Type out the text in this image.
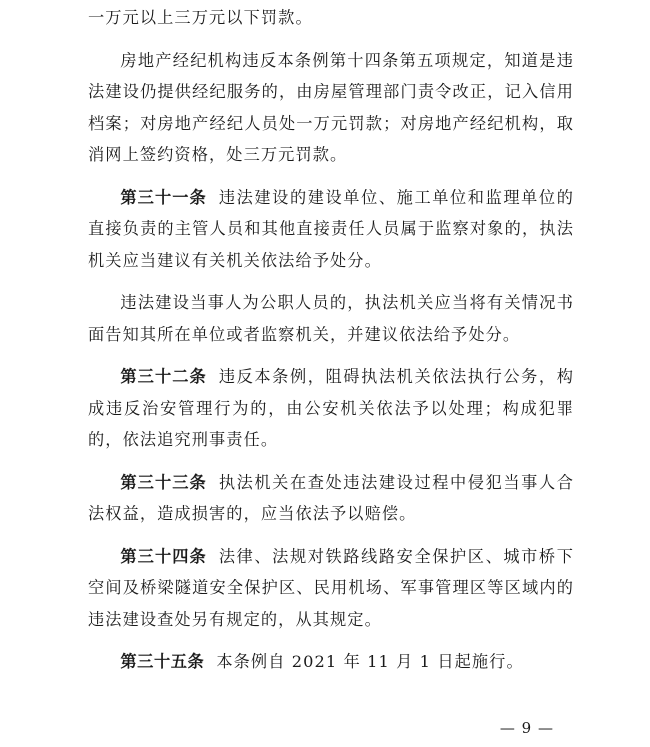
一万元以上三万元以下罚款。

房地产经纪机构违反本条例第十四条第五项规定，知道是违法建设仍提供经纪服务的，由房屋管理部门责令改正，记入信用档案；对房地产经纪人员处一万元罚款；对房地产经纪机构，取消网上签约资格，处三万元罚款。

第三十一条 违法建设的建设单位、施工单位和监理单位的直接负责的主管人员和其他直接责任人员属于监察对象的，执法机关应当建议有关机关依法给予处分。

违法建设当事人为公职人员的，执法机关应当将有关情况书面告知其所在单位或者监察机关，并建议依法给予处分。

第三十二条 违反本条例，阻碍执法机关依法执行公务，构成违反治安管理行为的，由公安机关依法予以处理；构成犯罪的，依法追究刑事责任。

第三十三条 执法机关在查处违法建设过程中侵犯当事人合法权益，造成损害的，应当依法予以赔偿。

第三十四条 法律、法规对铁路线路安全保护区、城市桥下空间及桥梁隧道安全保护区、民用机场、军事管理区等区域内的违法建设查处另有规定的，从其规定。

第三十五条 本条例自 2021 年 11 月 1 日起施行。

— 9 —
